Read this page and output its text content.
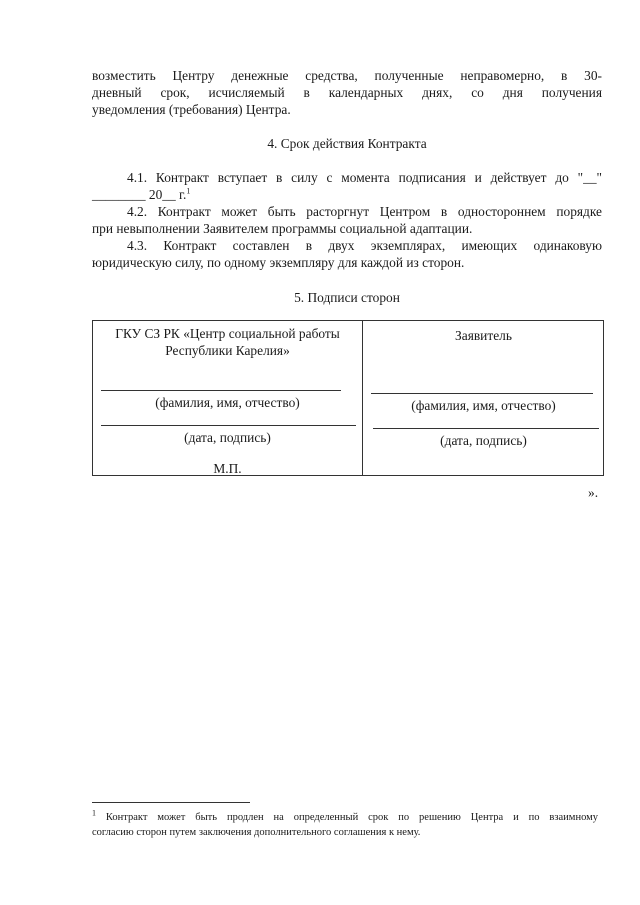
возместить Центру денежные средства, полученные неправомерно, в 30-

дневный срок, исчисляемый в календарных днях, со дня получения

уведомления (требования) Центра.

4. Срок действия Контракта

4.1. Контракт вступает в силу с момента подписания и действует до "__"

________ 20__ г.$^1$

4.2. Контракт может быть расторгнут Центром в одностороннем порядке

при невыполнении Заявителем программы социальной адаптации.

4.3. Контракт составлен в двух экземплярах, имеющих одинаковую

юридическую силу, по одному экземпляру для каждой из сторон.

5. Подписи сторон

ГКУ СЗ РК «Центр социальной работы

Республики Карелия»

(фамилия, имя, отчество)

(дата, подпись)

М.П.

Заявитель

(фамилия, имя, отчество)

(дата, подпись)

».

$^1$ Контракт может быть продлен на определенный срок по решению Центра и по взаимному
согласию сторон путем заключения дополнительного соглашения к нему.
